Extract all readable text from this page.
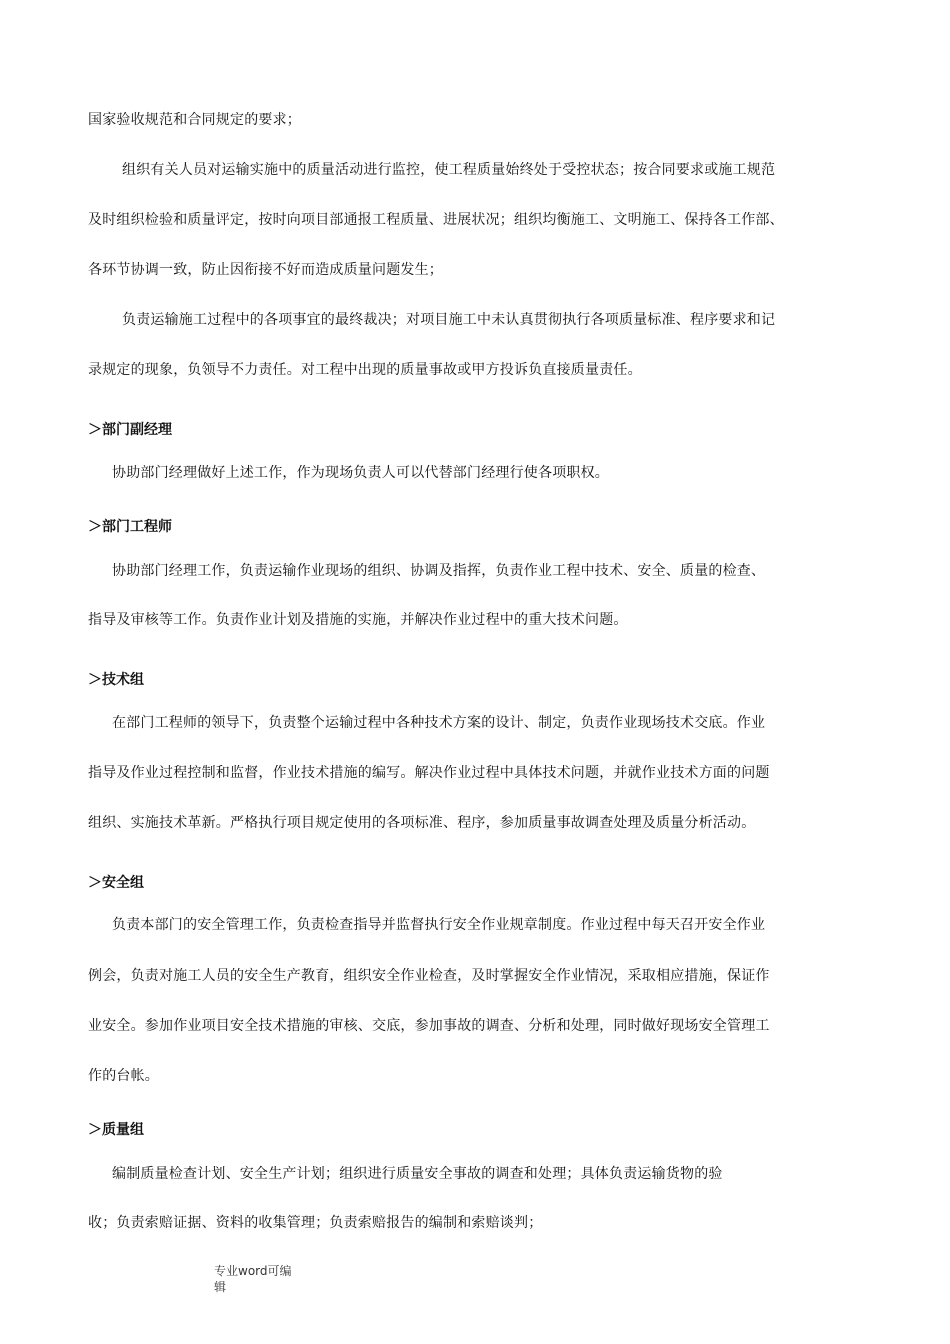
国家验收规范和合同规定的要求；
组织有关人员对运输实施中的质量活动进行监控，使工程质量始终处于受控状态；按合同要求或施工规范
及时组织检验和质量评定，按时向项目部通报工程质量、进展状况；组织均衡施工、文明施工、保持各工作部、
各环节协调一致，防止因衔接不好而造成质量问题发生；
负责运输施工过程中的各项事宜的最终裁决；对项目施工中未认真贯彻执行各项质量标准、程序要求和记
录规定的现象，负领导不力责任。对工程中出现的质量事故或甲方投诉负直接质量责任。
＞部门副经理
协助部门经理做好上述工作，作为现场负责人可以代替部门经理行使各项职权。
＞部门工程师
协助部门经理工作，负责运输作业现场的组织、协调及指挥，负责作业工程中技术、安全、质量的检查、
指导及审核等工作。负责作业计划及措施的实施，并解决作业过程中的重大技术问题。
＞技术组
在部门工程师的领导下，负责整个运输过程中各种技术方案的设计、制定，负责作业现场技术交底。作业
指导及作业过程控制和监督，作业技术措施的编写。解决作业过程中具体技术问题，并就作业技术方面的问题
组织、实施技术革新。严格执行项目规定使用的各项标准、程序，参加质量事故调查处理及质量分析活动。
＞安全组
负责本部门的安全管理工作，负责检查指导并监督执行安全作业规章制度。作业过程中每天召开安全作业
例会，负责对施工人员的安全生产教育，组织安全作业检查，及时掌握安全作业情况，采取相应措施，保证作
业安全。参加作业项目安全技术措施的审核、交底，参加事故的调查、分析和处理，同时做好现场安全管理工
作的台帐。
＞质量组
编制质量检查计划、安全生产计划；组织进行质量安全事故的调查和处理；具体负责运输货物的验
收；负责索赔证据、资料的收集管理；负责索赔报告的编制和索赔谈判；
专业word可编
辑
